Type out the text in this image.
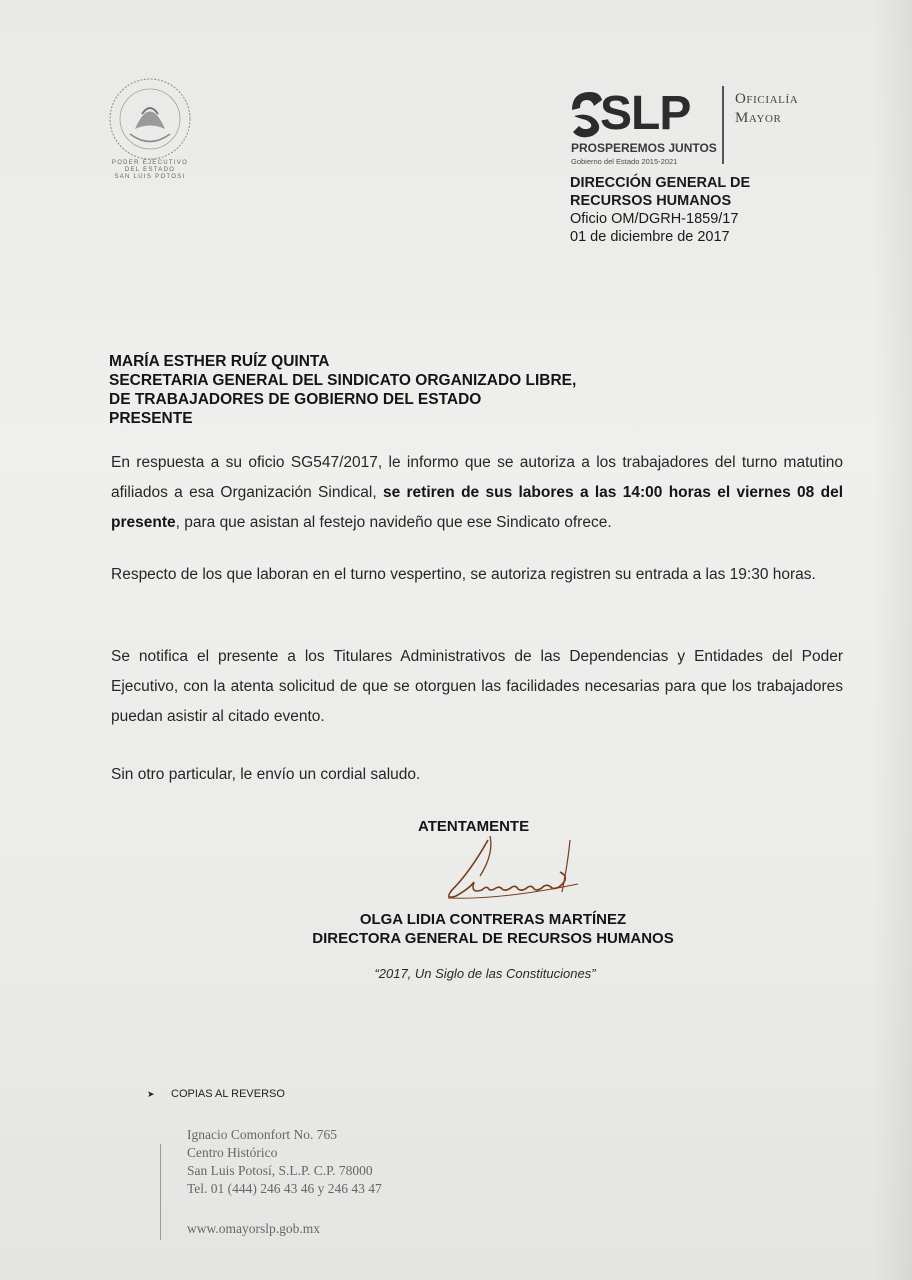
PODER EJECUTIVO
DEL ESTADO
SAN LUIS POTOSI
SLP
PROSPEREMOS JUNTOS
Gobierno del Estado 2015-2021
Oficialía
Mayor
DIRECCIÓN GENERAL DE
RECURSOS HUMANOS
Oficio OM/DGRH-1859/17
01 de diciembre de 2017
MARÍA ESTHER RUÍZ QUINTA
SECRETARIA GENERAL DEL SINDICATO ORGANIZADO LIBRE,
DE TRABAJADORES DE GOBIERNO DEL ESTADO
PRESENTE
En respuesta a su oficio SG547/2017, le informo que se autoriza a los trabajadores del turno matutino afiliados a esa Organización Sindical, se retiren de sus labores a las 14:00 horas el viernes 08 del presente, para que asistan al festejo navideño que ese Sindicato ofrece.
Respecto de los que laboran en el turno vespertino, se autoriza registren su entrada a las 19:30 horas.
Se notifica el presente a los Titulares Administrativos de las Dependencias y Entidades del Poder Ejecutivo, con la atenta solicitud de que se otorguen las facilidades necesarias para que los trabajadores puedan asistir al citado evento.
Sin otro particular, le envío un cordial saludo.
ATENTAMENTE
OLGA LIDIA CONTRERAS MARTÍNEZ
DIRECTORA GENERAL DE RECURSOS HUMANOS
“2017, Un Siglo de las Constituciones”
➤ COPIAS AL REVERSO
Ignacio Comonfort No. 765
Centro Histórico
San Luis Potosí, S.L.P. C.P. 78000
Tel. 01 (444) 246 43 46 y 246 43 47
www.omayorslp.gob.mx
